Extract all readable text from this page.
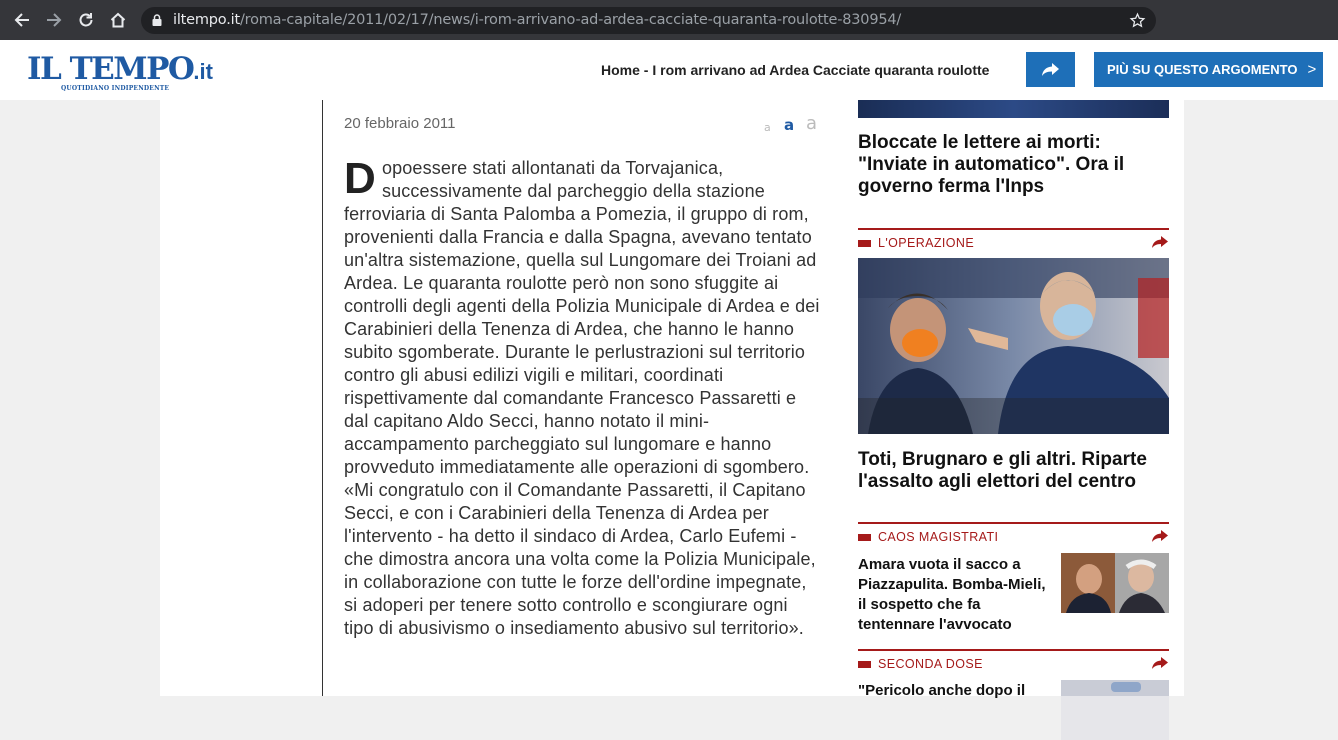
iltempo.it/roma-capitale/2011/02/17/news/i-rom-arrivano-ad-ardea-cacciate-quaranta-roulotte-830954/
IL TEMPO.it
QUOTIDIANO INDIPENDENTE
Home - I rom arrivano ad Ardea Cacciate quaranta roulotte	PIÙ SU QUESTO ARGOMENTO >
20 febbraio 2011	a a a
Dopoessere stati allontanati da Torvajanica, successivamente dal parcheggio della stazione ferroviaria di Santa Palomba a Pomezia, il gruppo di rom, provenienti dalla Francia e dalla Spagna, avevano tentato un'altra sistemazione, quella sul Lungomare dei Troiani ad Ardea. Le quaranta roulotte però non sono sfuggite ai controlli degli agenti della Polizia Municipale di Ardea e dei Carabinieri della Tenenza di Ardea, che hanno le hanno subito sgomberate. Durante le perlustrazioni sul territorio contro gli abusi edilizi vigili e militari, coordinati rispettivamente dal comandante Francesco Passaretti e dal capitano Aldo Secci, hanno notato il mini-accampamento parcheggiato sul lungomare e hanno provveduto immediatamente alle operazioni di sgombero. «Mi congratulo con il Comandante Passaretti, il Capitano Secci, e con i Carabinieri della Tenenza di Ardea per l'intervento - ha detto il sindaco di Ardea, Carlo Eufemi - che dimostra ancora una volta come la Polizia Municipale, in collaborazione con tutte le forze dell'ordine impegnate, si adoperi per tenere sotto controllo e scongiurare ogni tipo di abusivismo o insediamento abusivo sul territorio».
Bloccate le lettere ai morti: "Inviate in automatico". Ora il governo ferma l'Inps
L'OPERAZIONE
Toti, Brugnaro e gli altri. Riparte l'assalto agli elettori del centro
CAOS MAGISTRATI
Amara vuota il sacco a Piazzapulita. Bomba-Mieli, il sospetto che fa tentennare l'avvocato
SECONDA DOSE
"Pericolo anche dopo il
